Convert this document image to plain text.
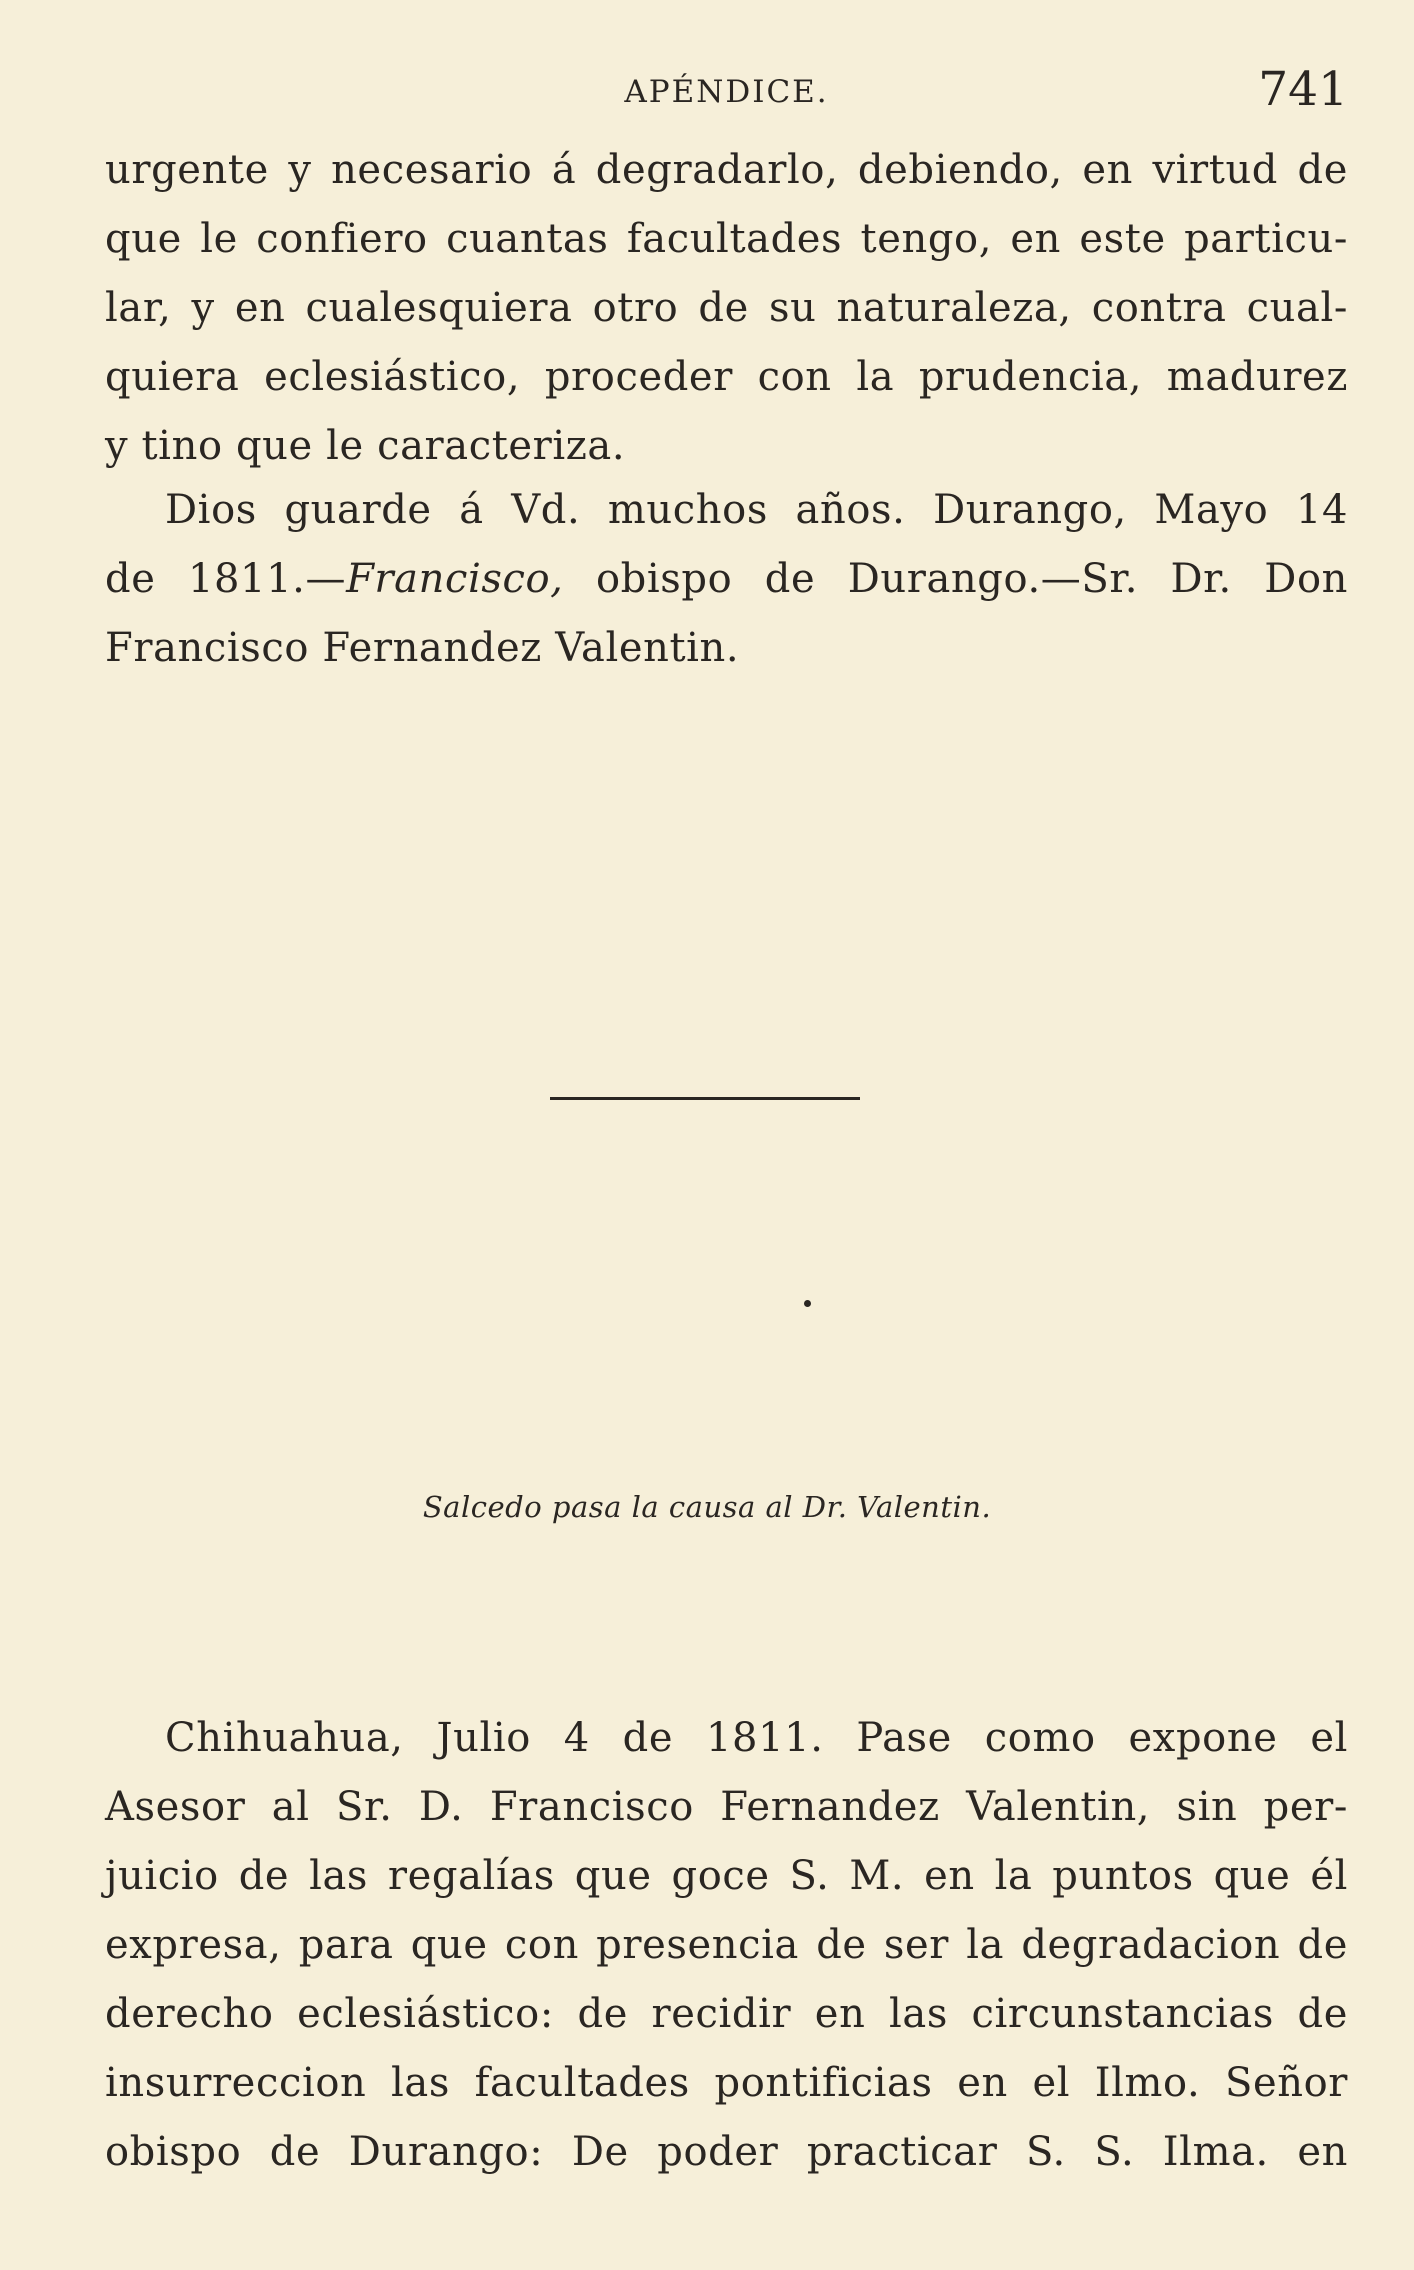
APÉNDICE.	741

urgente y necesario á degradarlo, debiendo, en virtud de
que le confiero cuantas facultades tengo, en este particu-
lar, y en cualesquiera otro de su naturaleza, contra cual-
quiera eclesiástico, proceder con la prudencia, madurez
y tino que le caracteriza.

Dios guarde á Vd. muchos años. Durango, Mayo 14
de 1811.—Francisco, obispo de Durango.—Sr. Dr. Don
Francisco Fernandez Valentin.

Salcedo pasa la causa al Dr. Valentin.

Chihuahua, Julio 4 de 1811. Pase como expone el
Asesor al Sr. D. Francisco Fernandez Valentin, sin per-
juicio de las regalías que goce S. M. en la puntos que él
expresa, para que con presencia de ser la degradacion de
derecho eclesiástico: de recidir en las circunstancias de
insurreccion las facultades pontificias en el Ilmo. Señor
obispo de Durango: De poder practicar S. S. Ilma. en
